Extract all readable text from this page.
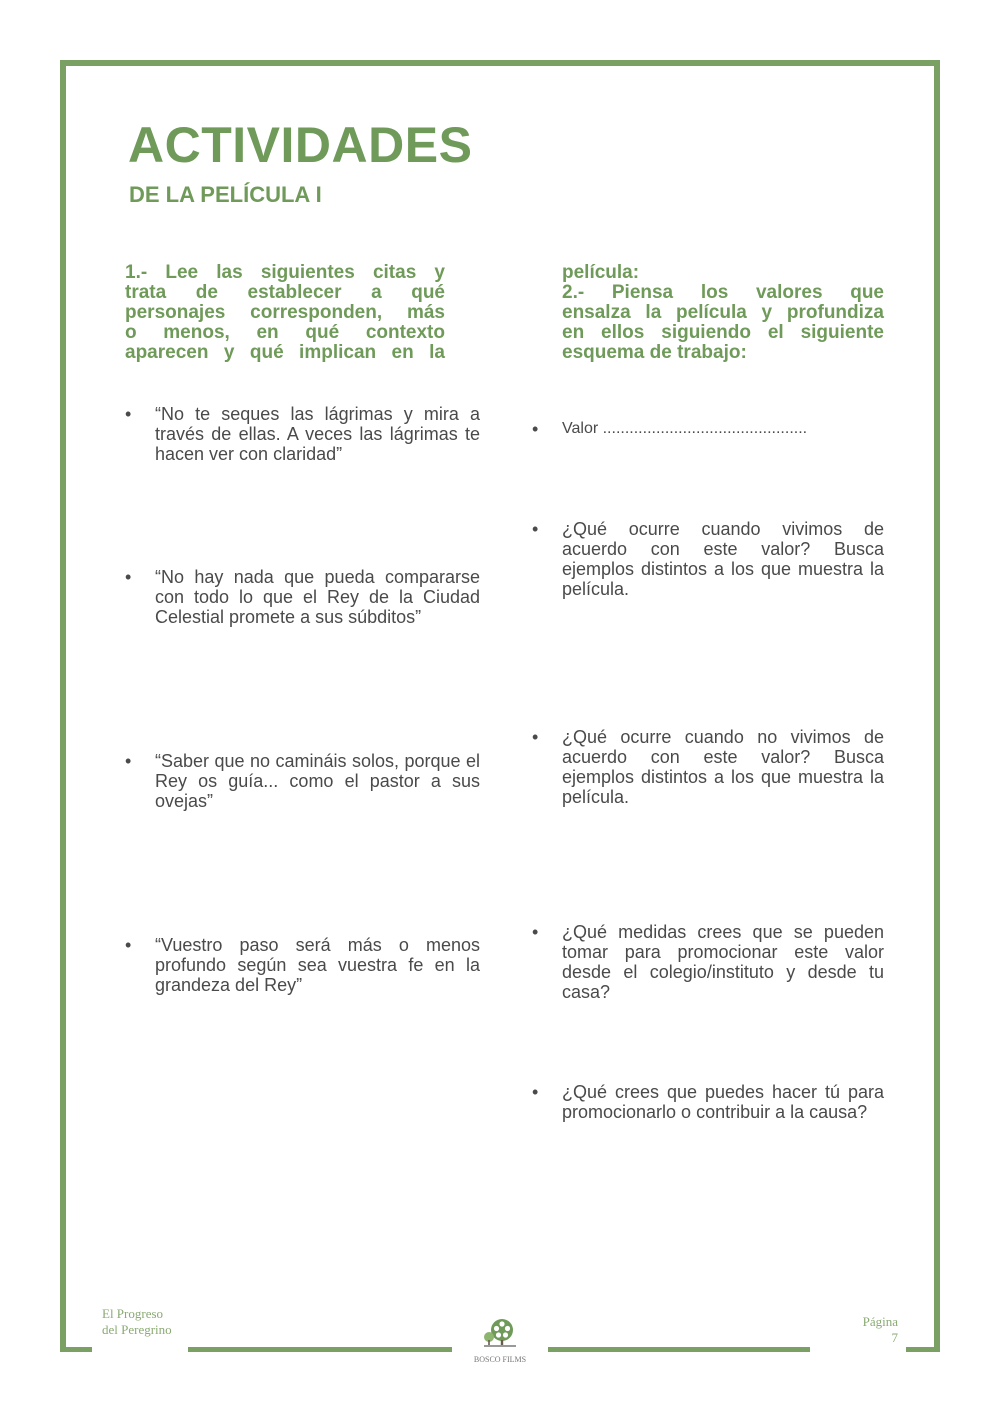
ACTIVIDADES
DE LA PELÍCULA I
1.- Lee las siguientes citas y
trata de establecer a qué
personajes corresponden, más
o menos, en qué contexto
aparecen y qué implican en la
película:
2.- Piensa los valores que
ensalza la película y profundiza
en ellos siguiendo el siguiente
esquema de trabajo:
• “No te seques las lágrimas y mira a través de ellas. A veces las lágrimas te hacen ver con claridad”
• “No hay nada que pueda compararse con todo lo que el Rey de la Ciudad Celestial promete a sus súbditos”
• “Saber que no camináis solos, porque el Rey os guía... como el pastor a sus ovejas”
• “Vuestro paso será más o menos profundo según sea vuestra fe en la grandeza del Rey”
• Valor ..............................................
• ¿Qué ocurre cuando vivimos de acuerdo con este valor? Busca ejemplos distintos a los que muestra la película.
• ¿Qué ocurre cuando no vivimos de acuerdo con este valor? Busca ejemplos distintos a los que muestra la película.
• ¿Qué medidas crees que se pueden tomar para promocionar este valor desde el colegio/instituto y desde tu casa?
• ¿Qué crees que puedes hacer tú para promocionarlo o contribuir a la causa?
El Progreso
del Peregrino
BOSCO FILMS
Página
7
